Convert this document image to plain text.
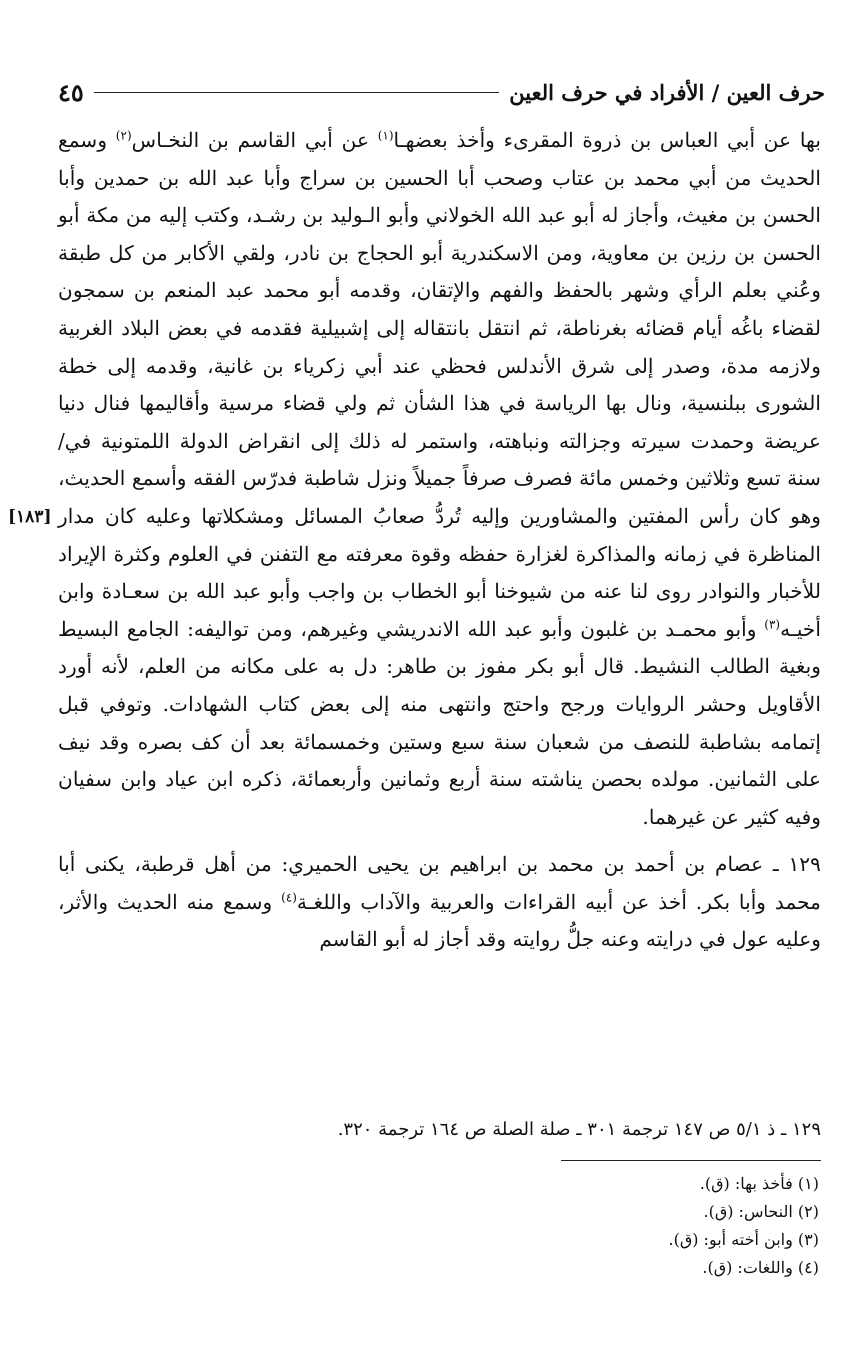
حرف العين / الأفراد في حرف العين
٤٥

بها عن أبي العباس بن ذروة المقرىء وأخذ بعضهـا$^{(١)}$ عن أبي القاسم بن النخـاس$^{(٢)}$ وسمع الحديث من أبي محمد بن عتاب وصحب أبا الحسين بن سراج وأبا عبد الله بن حمدين وأبا الحسن بن مغيث، وأجاز له أبو عبد الله الخولاني وأبو الـوليد بن رشـد، وكتب إليه من مكة أبو الحسن بن رزين بن معاوية، ومن الاسكندرية أبو الحجاج بن نادر، ولقي الأكابر من كل طبقة وعُني بعلم الرأي وشهر بالحفظ والفهم والإتقان، وقدمه أبو محمد عبد المنعم بن سمجون لقضاء باغُه أيام قضائه بغرناطة، ثم انتقل بانتقاله إلى إشبيلية فقدمه في بعض البلاد الغربية ولازمه مدة، وصدر إلى شرق الأندلس فحظي عند أبي زكرياء بن غانية، وقدمه إلى خطة الشورى ببلنسية، ونال بها الرياسة في هذا الشأن ثم ولي قضاء مرسية وأقاليمها فنال دنيا عريضة وحمدت سيرته وجزالته ونباهته، واستمر له ذلك إلى انقراض الدولة اللمتونية في/ سنة تسع وثلاثين وخمس مائة فصرف صرفاً جميلاً ونزل شاطبة فدرّس الفقه وأسمع الحديث، وهو كان رأس المفتين والمشاورين وإليه تُردُّ صعابُ المسائل ومشكلاتها وعليه كان مدار المناظرة في زمانه والمذاكرة لغزارة حفظه وقوة معرفته مع التفنن في العلوم وكثرة الإيراد للأخبار والنوادر روى لنا عنه من شيوخنا أبو الخطاب بن واجب وأبو عبد الله بن سعـادة وابن أخيـه$^{(٣)}$ وأبو محمـد بن غلبون وأبو عبد الله الاندريشي وغيرهم، ومن تواليفه: الجامع البسيط وبغية الطالب النشيط. قال أبو بكر مفوز بن طاهر: دل به على مكانه من العلم، لأنه أورد الأقاويل وحشر الروايات ورجح واحتج وانتهى منه إلى بعض كتاب الشهادات. وتوفي قبل إتمامه بشاطبة للنصف من شعبان سنة سبع وستين وخمسمائة بعد أن كف بصره وقد نيف على الثمانين. مولده بحصن يناشته سنة أربع وثمانين وأربعمائة، ذكره ابن عياد وابن سفيان وفيه كثير عن غيرهما.

١٢٩ ـ عصام بن أحمد بن محمد بن ابراهيم بن يحيى الحميري: من أهل قرطبة، يكنى أبا محمد وأبا بكر. أخذ عن أبيه القراءات والعربية والآداب واللغـة$^{(٤)}$ وسمع منه الحديث والأثر، وعليه عول في درايته وعنه جلُّ روايته وقد أجاز له أبو القاسم

[١٨٣]
١٢٩ ـ ذ ٥/١ ص ١٤٧ ترجمة ٣٠١ ـ صلة الصلة ص ١٦٤ ترجمة ٣٢٠.
(١) فأخذ بها: (ق).
(٢) النحاس: (ق).
(٣) وابن أخته أبو: (ق).
(٤) واللغات: (ق).
